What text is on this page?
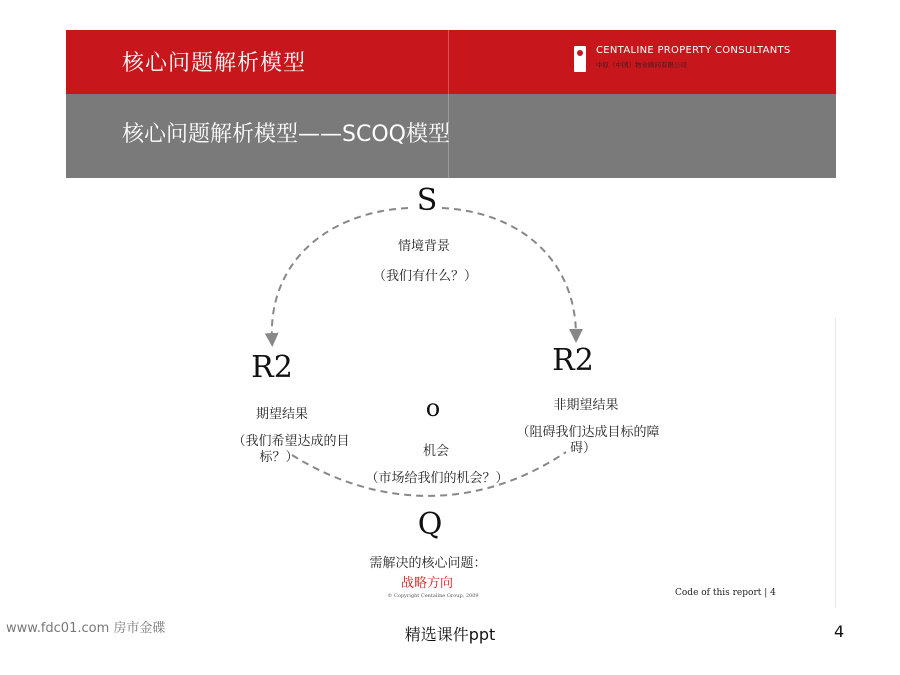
核心问题解析模型
CENTALINE PROPERTY CONSULTANTS
中原（中国）物业顾问有限公司
核心问题解析模型——SCOQ模型
S
情境背景
（我们有什么？）
R2
期望结果
（我们希望达成的目
标？）
o
机会
（市场给我们的机会？）
R2
非期望结果
（阻碍我们达成目标的障
碍）
Q
需解决的核心问题：
战略方向
© Copyright Centaline Group, 2009	Code of this report | 4
www.fdc01.com 房市金碟	精选课件ppt	4
